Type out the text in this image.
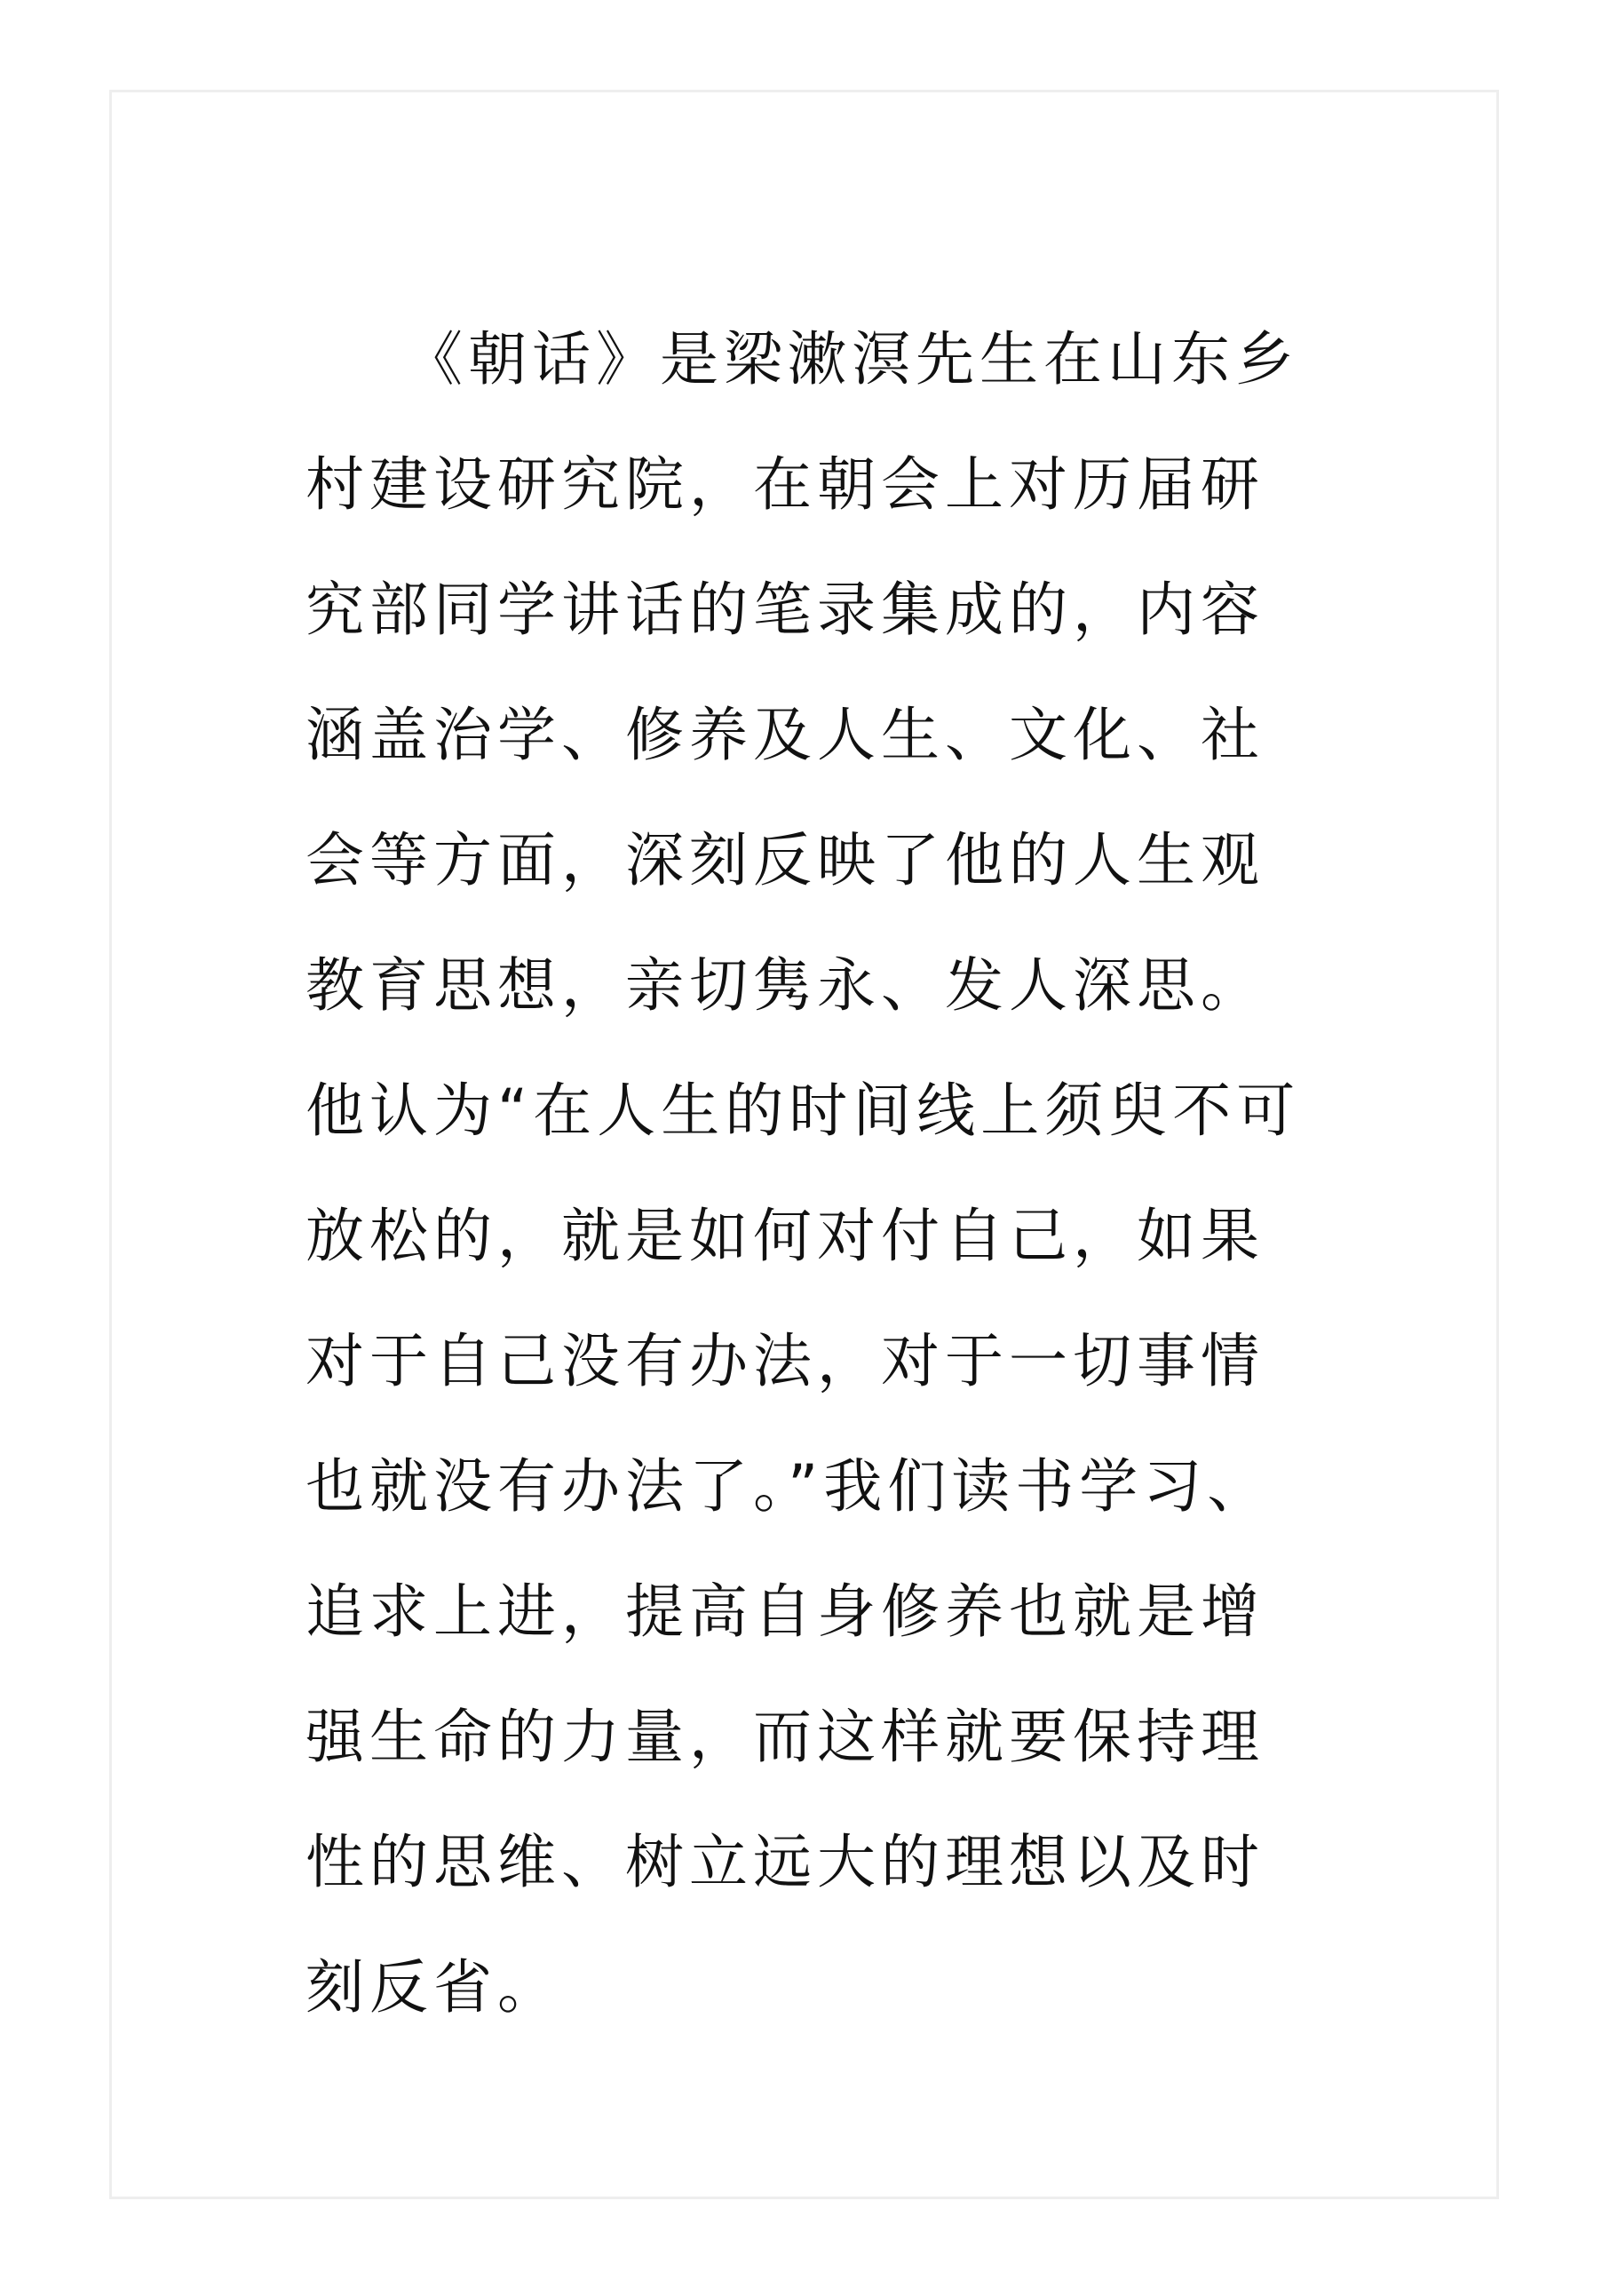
　　《朝话》是梁漱溟先生在山东乡
村建设研究院，在朝会上对历届研
究部同学讲话的笔录集成的，内容
涵盖治学、修养及人生、文化、社
会等方面，深刻反映了他的人生观
教育思想，亲切隽永、发人深思。
他认为“在人生的时间线上须臾不可
放松的，就是如何对付自己，如果
对于自己没有办法，对于一切事情
也就没有办法了。”我们读书学习、
追求上进，提高自身修养也就是增
强生命的力量，而这样就要保持理
性的思维、树立远大的理想以及时
刻反省。
